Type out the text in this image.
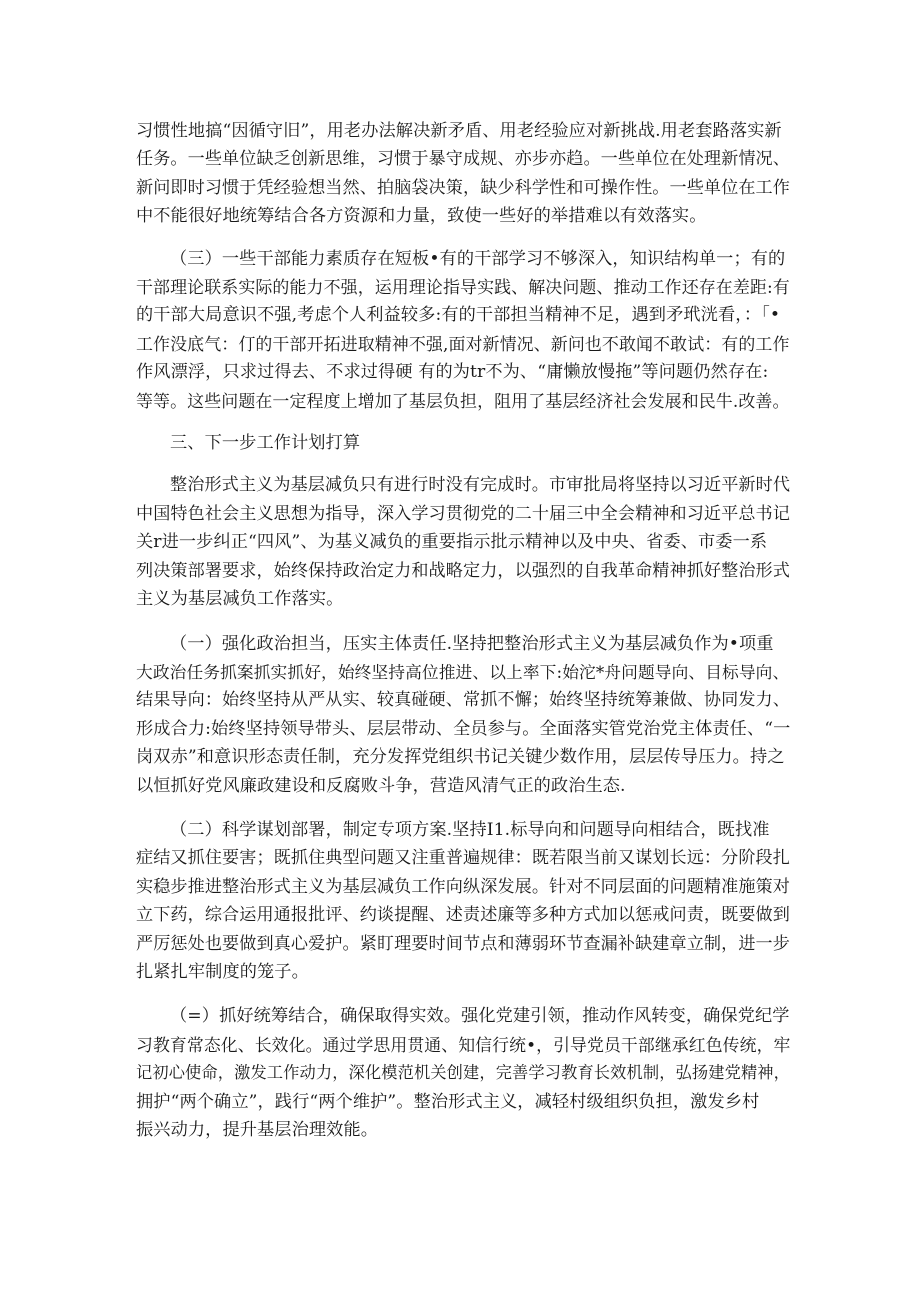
习惯性地搞“因循守旧”，用老办法解决新矛盾、用老经验应对新挑战.用老套路落实新
任务。一些单位缺乏创新思维，习惯于暴守成规、亦步亦趋。一些单位在处理新情况、
新问即时习惯于凭经验想当然、拍脑袋决策，缺少科学性和可操作性。一些单位在工作
中不能很好地统筹结合各方资源和力量，致使一些好的举措难以有效落实。
（三）一些干部能力素质存在短板•有的干部学习不够深入，知识结构单一；有的
干部理论联系实际的能力不强，运用理论指导实践、解决问题、推动工作还存在差距:有
的干部大局意识不强,考虑个人利益较多:有的干部担当精神不足，遇到矛玳洸看，：「•
工作没底气：仃的干部开拓进取精神不强,面对新情况、新问也不敢闻不敢试：有的工作
作风漂浮，只求过得去、不求过得硬 有的为tr不为、“庸懒放慢拖”等问题仍然存在:
等等。这些问题在一定程度上增加了基层负担，阻用了基层经济社会发展和民牛.改善。
三、下一步工作计划打算
整治形式主义为基层减负只有进行时没有完成时。市审批局将坚持以习近平新时代
中国特色社会主义思想为指导，深入学习贯彻党的二十届三中全会精神和习近平总书记
关r进一步纠正“四风”、为基义减负的重要指示批示精神以及中央、省委、市委一系
列决策部署要求，始终保持政治定力和战略定力，以强烈的自我革命精神抓好整治形式
主义为基层减负工作落实。
（一）强化政治担当，压实主体责任.坚持把整治形式主义为基层减负作为•项重
大政治任务抓案抓实抓好，始终坚持高位推进、以上率下:始沱*舟问题导向、目标导向、
结果导向：始终坚持从严从实、较真碰硬、常抓不懈；始终坚持统筹兼做、协同发力、
形成合力:始终坚持领导带头、层层带动、全员参与。全面落实管党治党主体责任、“一
岗双赤”和意识形态责任制，充分发挥党组织书记关键少数作用，层层传导压力。持之
以恒抓好党风廉政建设和反腐败斗争，营造风清气正的政治生态.
（二）科学谋划部署，制定专项方案.坚持I1.标导向和问题导向相结合，既找准
症结又抓住要害；既抓住典型问题又注重普遍规律：既若限当前又谋划长远：分阶段扎
实稳步推进整治形式主义为基层减负工作向纵深发展。针对不同层面的问题精准施策对
立下药，综合运用通报批评、约谈提醒、述责述廉等多种方式加以惩戒问责，既要做到
严厉惩处也要做到真心爱护。紧盯理要时间节点和薄弱环节查漏补缺建章立制，进一步
扎紧扎牢制度的笼子。
（=）抓好统筹结合，确保取得实效。强化党建引领，推动作风转变，确保党纪学
习教育常态化、长效化。通过学思用贯通、知信行统•，引导党员干部继承红色传统，牢
记初心使命，激发工作动力，深化模范机关创建，完善学习教育长效机制，弘扬建党精神，
拥护“两个确立”，践行“两个维护”。整治形式主义，减轻村级组织负担，激发乡村
振兴动力，提升基层治理效能。
